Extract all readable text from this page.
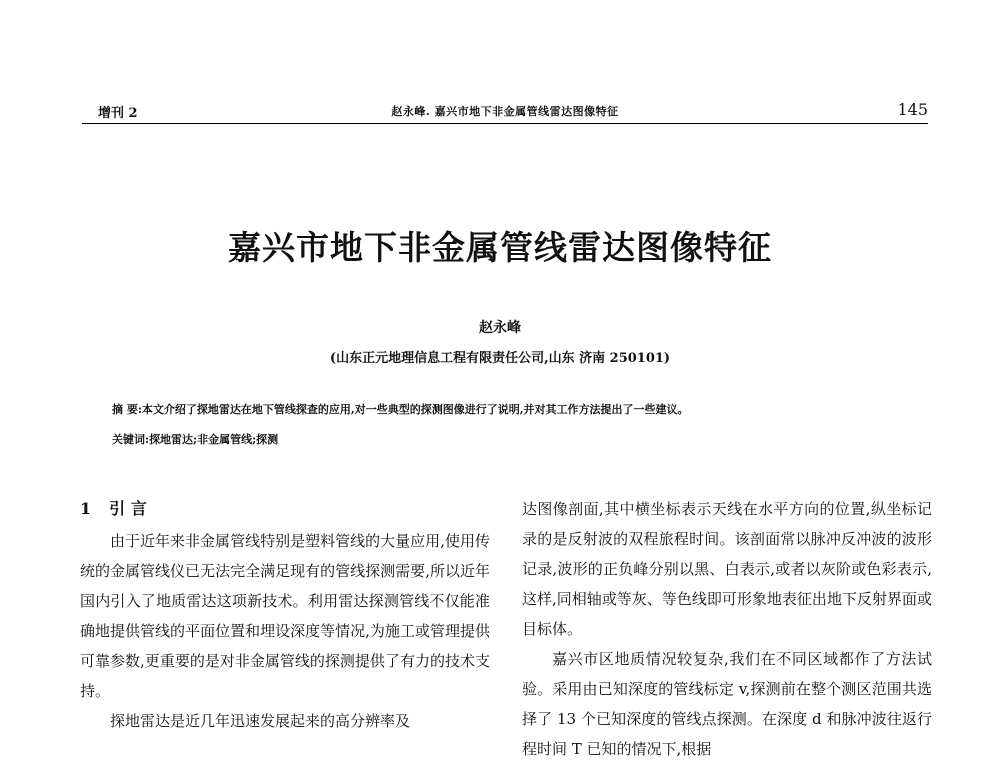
增刊 2	赵永峰. 嘉兴市地下非金属管线雷达图像特征	145
嘉兴市地下非金属管线雷达图像特征
赵永峰
(山东正元地理信息工程有限责任公司,山东 济南 250101)
摘 要:本文介绍了探地雷达在地下管线探查的应用,对一些典型的探测图像进行了说明,并对其工作方法提出了一些建议。
关键词:探地雷达;非金属管线;探测
1 引 言

由于近年来非金属管线特别是塑料管线的大量应用,使用传统的金属管线仪已无法完全满足现有的管线探测需要,所以近年国内引入了地质雷达这项新技术。利用雷达探测管线不仅能准确地提供管线的平面位置和埋设深度等情况,为施工或管理提供可靠参数,更重要的是对非金属管线的探测提供了有力的技术支持。

探地雷达是近几年迅速发展起来的高分辨率及

达图像剖面,其中横坐标表示天线在水平方向的位置,纵坐标记录的是反射波的双程旅程时间。该剖面常以脉冲反冲波的波形记录,波形的正负峰分别以黑、白表示,或者以灰阶或色彩表示,这样,同相轴或等灰、等色线即可形象地表征出地下反射界面或目标体。

嘉兴市区地质情况较复杂,我们在不同区域都作了方法试验。采用由已知深度的管线标定 v,探测前在整个测区范围共选择了 13 个已知深度的管线点探测。在深度 d 和脉冲波往返行程时间 T 已知的情况下,根据
